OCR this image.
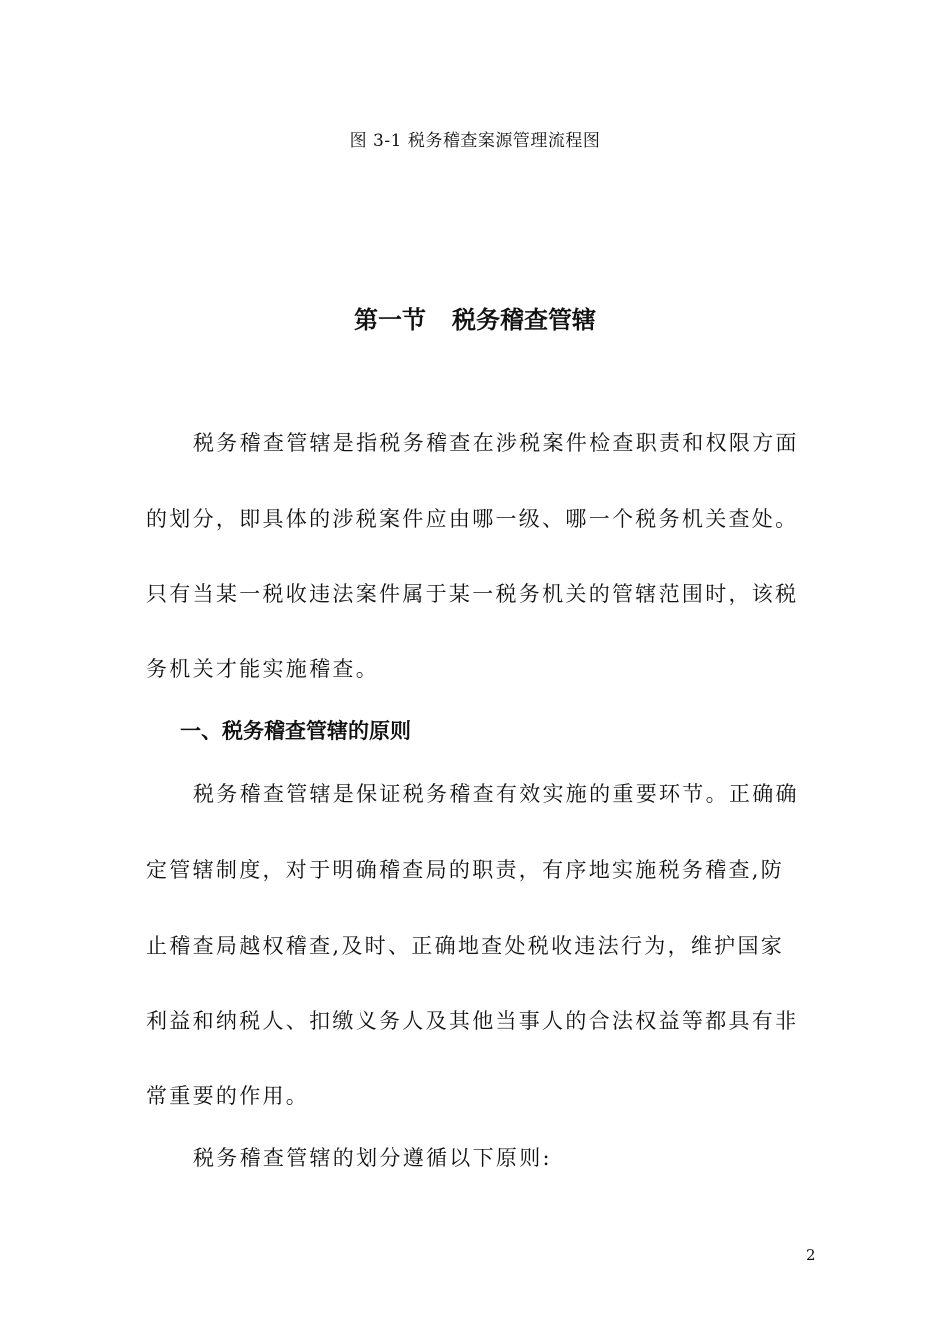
图 3-1 税务稽查案源管理流程图
第一节 税务稽查管辖
税务稽查管辖是指税务稽查在涉税案件检查职责和权限方面
的划分，即具体的涉税案件应由哪一级、哪一个税务机关查处。
只有当某一税收违法案件属于某一税务机关的管辖范围时，该税
务机关才能实施稽查。
一、税务稽查管辖的原则
税务稽查管辖是保证税务稽查有效实施的重要环节。正确确
定管辖制度，对于明确稽查局的职责，有序地实施税务稽查,防
止稽查局越权稽查,及时、正确地查处税收违法行为，维护国家
利益和纳税人、扣缴义务人及其他当事人的合法权益等都具有非
常重要的作用。
税务稽查管辖的划分遵循以下原则:
2
